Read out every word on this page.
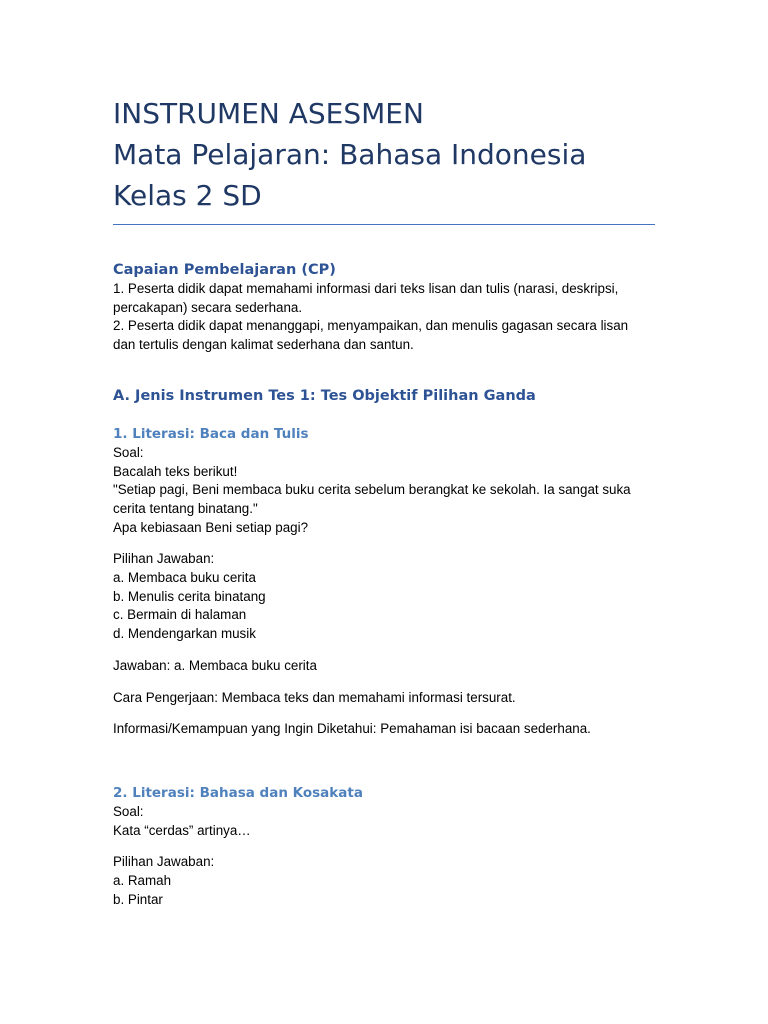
INSTRUMEN ASESMEN
Mata Pelajaran: Bahasa Indonesia
Kelas 2 SD
Capaian Pembelajaran (CP)
1. Peserta didik dapat memahami informasi dari teks lisan dan tulis (narasi, deskripsi,
percakapan) secara sederhana.
2. Peserta didik dapat menanggapi, menyampaikan, dan menulis gagasan secara lisan
dan tertulis dengan kalimat sederhana dan santun.
A. Jenis Instrumen Tes 1: Tes Objektif Pilihan Ganda
1. Literasi: Baca dan Tulis
Soal:
Bacalah teks berikut!
"Setiap pagi, Beni membaca buku cerita sebelum berangkat ke sekolah. Ia sangat suka
cerita tentang binatang."
Apa kebiasaan Beni setiap pagi?
Pilihan Jawaban:
a. Membaca buku cerita
b. Menulis cerita binatang
c. Bermain di halaman
d. Mendengarkan musik
Jawaban: a. Membaca buku cerita
Cara Pengerjaan: Membaca teks dan memahami informasi tersurat.
Informasi/Kemampuan yang Ingin Diketahui: Pemahaman isi bacaan sederhana.
2. Literasi: Bahasa dan Kosakata
Soal:
Kata “cerdas” artinya…
Pilihan Jawaban:
a. Ramah
b. Pintar
